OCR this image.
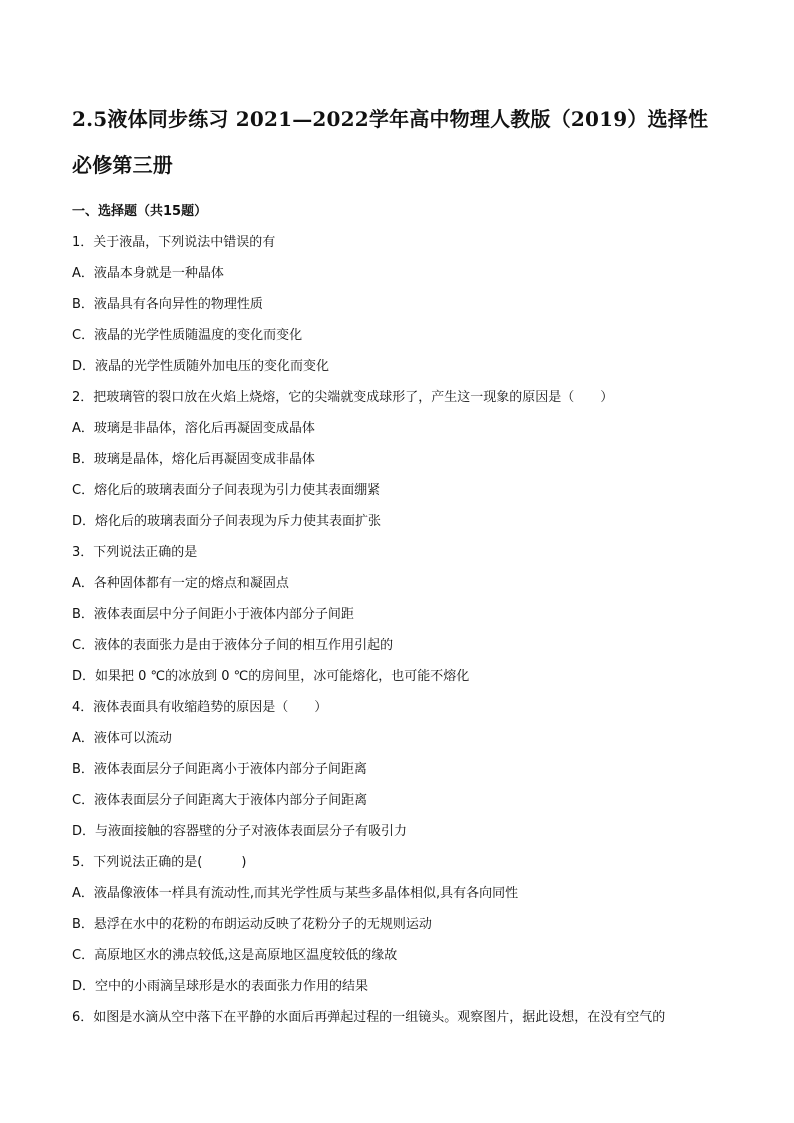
2.5液体同步练习 2021—2022学年高中物理人教版（2019）选择性必修第三册
一、选择题（共15题）
1．关于液晶，下列说法中错误的有
A．液晶本身就是一种晶体
B．液晶具有各向异性的物理性质
C．液晶的光学性质随温度的变化而变化
D．液晶的光学性质随外加电压的变化而变化
2．把玻璃管的裂口放在火焰上烧熔，它的尖端就变成球形了，产生这一现象的原因是（　　）
A．玻璃是非晶体，溶化后再凝固变成晶体
B．玻璃是晶体，熔化后再凝固变成非晶体
C．熔化后的玻璃表面分子间表现为引力使其表面绷紧
D．熔化后的玻璃表面分子间表现为斥力使其表面扩张
3．下列说法正确的是
A．各种固体都有一定的熔点和凝固点
B．液体表面层中分子间距小于液体内部分子间距
C．液体的表面张力是由于液体分子间的相互作用引起的
D．如果把 0 ℃的冰放到 0 ℃的房间里，冰可能熔化，也可能不熔化
4．液体表面具有收缩趋势的原因是（　　）
A．液体可以流动
B．液体表面层分子间距离小于液体内部分子间距离
C．液体表面层分子间距离大于液体内部分子间距离
D．与液面接触的容器壁的分子对液体表面层分子有吸引力
5．下列说法正确的是(　　　)
A．液晶像液体一样具有流动性,而其光学性质与某些多晶体相似,具有各向同性
B．悬浮在水中的花粉的布朗运动反映了花粉分子的无规则运动
C．高原地区水的沸点较低,这是高原地区温度较低的缘故
D．空中的小雨滴呈球形是水的表面张力作用的结果
6．如图是水滴从空中落下在平静的水面后再弹起过程的一组镜头。观察图片，据此设想，在没有空气的
